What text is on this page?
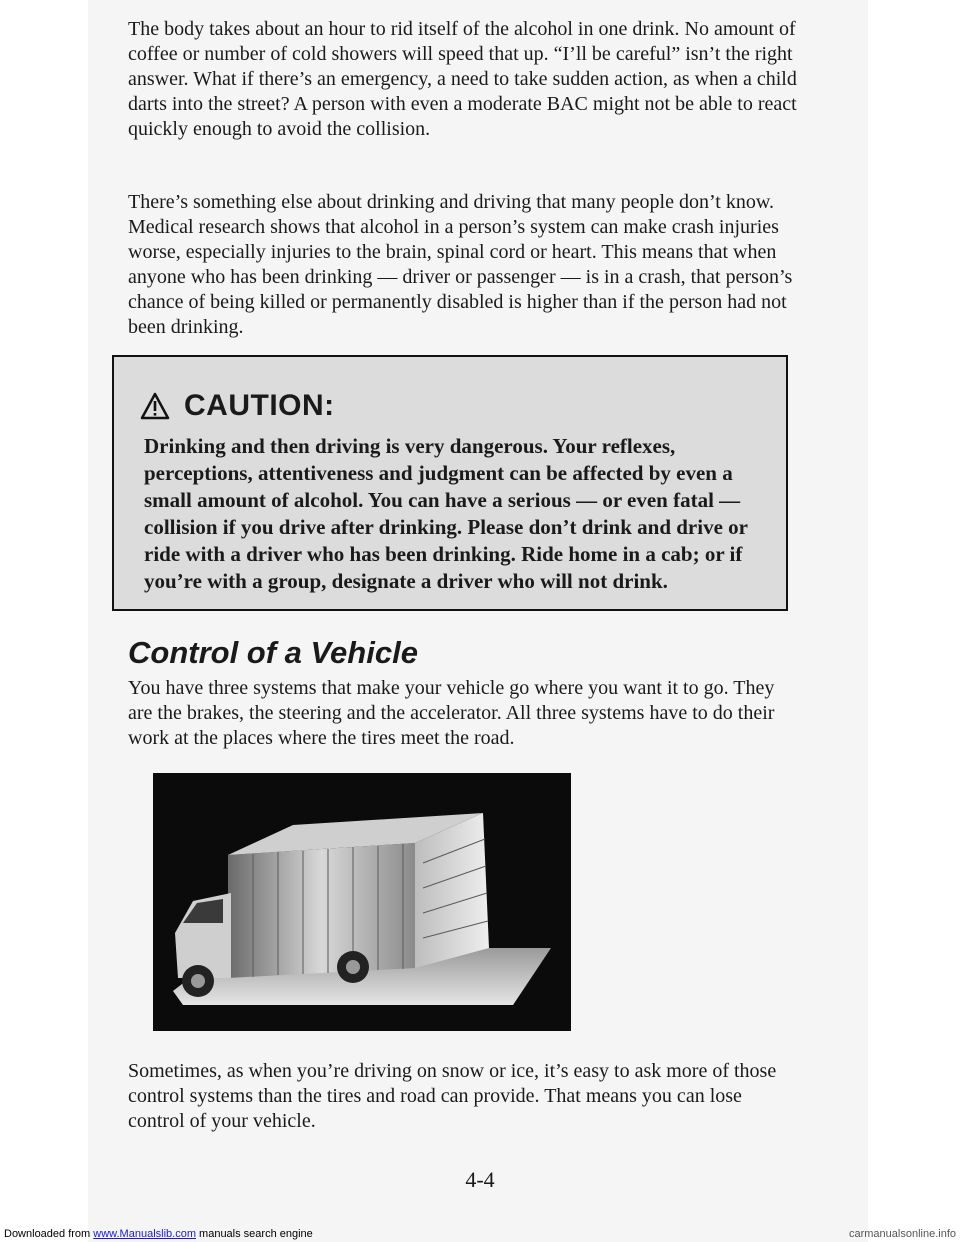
The body takes about an hour to rid itself of the alcohol in one drink. No amount of coffee or number of cold showers will speed that up. “I’ll be careful” isn’t the right answer. What if there’s an emergency, a need to take sudden action, as when a child darts into the street? A person with even a moderate BAC might not be able to react quickly enough to avoid the collision.

There’s something else about drinking and driving that many people don’t know. Medical research shows that alcohol in a person’s system can make crash injuries worse, especially injuries to the brain, spinal cord or heart. This means that when anyone who has been drinking — driver or passenger — is in a crash, that person’s chance of being killed or permanently disabled is higher than if the person had not been drinking.

CAUTION:

Drinking and then driving is very dangerous. Your reflexes, perceptions, attentiveness and judgment can be affected by even a small amount of alcohol. You can have a serious — or even fatal — collision if you drive after drinking. Please don’t drink and drive or ride with a driver who has been drinking. Ride home in a cab; or if you’re with a group, designate a driver who will not drink.

Control of a Vehicle

You have three systems that make your vehicle go where you want it to go. They are the brakes, the steering and the accelerator. All three systems have to do their work at the places where the tires meet the road.

Sometimes, as when you’re driving on snow or ice, it’s easy to ask more of those control systems than the tires and road can provide. That means you can lose control of your vehicle.

4-4

Downloaded from www.Manualslib.com manuals search engine	carmanualsonline.info
